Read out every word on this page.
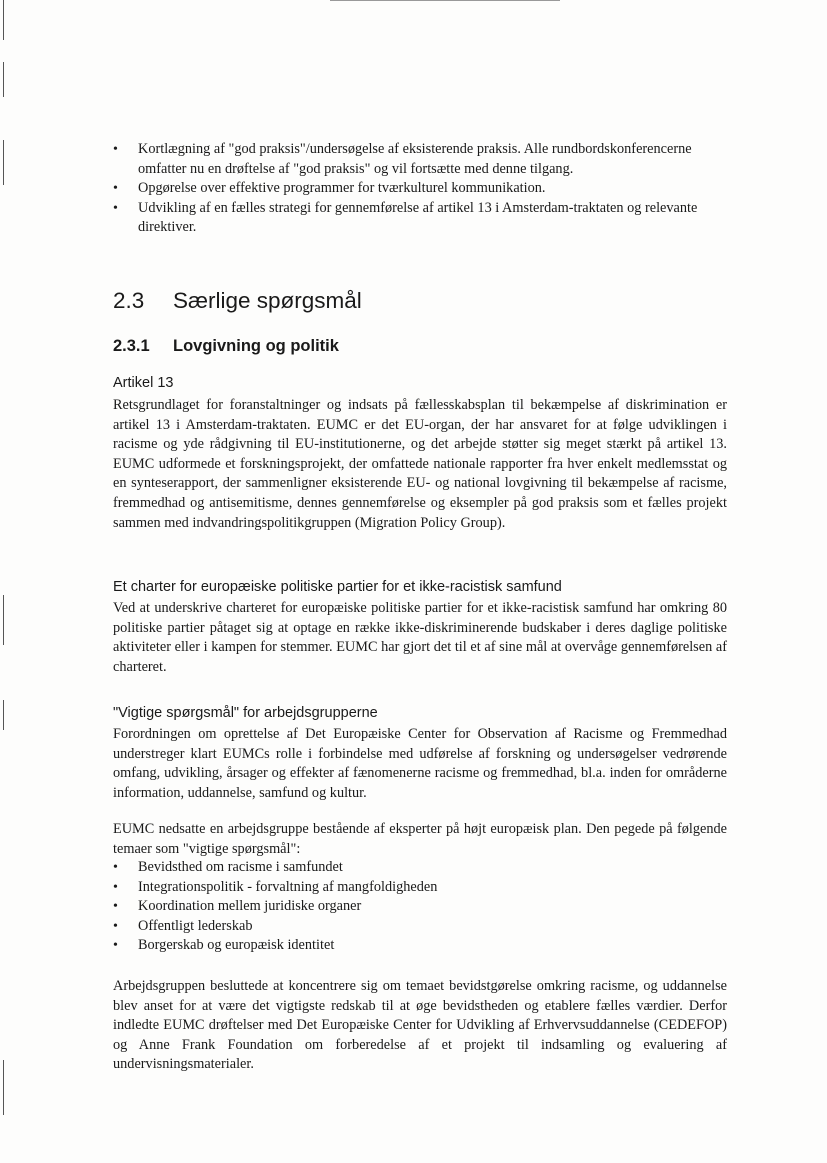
• Kortlægning af "god praksis"/undersøgelse af eksisterende praksis. Alle rundbordskonferencerne omfatter nu en drøftelse af "god praksis" og vil fortsætte med denne tilgang.
• Opgørelse over effektive programmer for tværkulturel kommunikation.
• Udvikling af en fælles strategi for gennemførelse af artikel 13 i Amsterdam-traktaten og relevante direktiver.
2.3 Særlige spørgsmål
2.3.1 Lovgivning og politik

Artikel 13

Retsgrundlaget for foranstaltninger og indsats på fællesskabsplan til bekæmpelse af diskrimination er artikel 13 i Amsterdam-traktaten. EUMC er det EU-organ, der har ansvaret for at følge udviklingen i racisme og yde rådgivning til EU-institutionerne, og det arbejde støtter sig meget stærkt på artikel 13. EUMC udformede et forskningsprojekt, der omfattede nationale rapporter fra hver enkelt medlemsstat og en synteserapport, der sammenligner eksisterende EU- og national lovgivning til bekæmpelse af racisme, fremmedhad og antisemitisme, dennes gennemførelse og eksempler på god praksis som et fælles projekt sammen med indvandringspolitikgruppen (Migration Policy Group).

Et charter for europæiske politiske partier for et ikke-racistisk samfund

Ved at underskrive charteret for europæiske politiske partier for et ikke-racistisk samfund har omkring 80 politiske partier påtaget sig at optage en række ikke-diskriminerende budskaber i deres daglige politiske aktiviteter eller i kampen for stemmer. EUMC har gjort det til et af sine mål at overvåge gennemførelsen af charteret.

"Vigtige spørgsmål" for arbejdsgrupperne

Forordningen om oprettelse af Det Europæiske Center for Observation af Racisme og Fremmedhad understreger klart EUMCs rolle i forbindelse med udførelse af forskning og undersøgelser vedrørende omfang, udvikling, årsager og effekter af fænomenerne racisme og fremmedhad, bl.a. inden for områderne information, uddannelse, samfund og kultur.

EUMC nedsatte en arbejdsgruppe bestående af eksperter på højt europæisk plan. Den pegede på følgende temaer som "vigtige spørgsmål":

• Bevidsthed om racisme i samfundet
• Integrationspolitik - forvaltning af mangfoldigheden
• Koordination mellem juridiske organer
• Offentligt lederskab
• Borgerskab og europæisk identitet

Arbejdsgruppen besluttede at koncentrere sig om temaet bevidstgørelse omkring racisme, og uddannelse blev anset for at være det vigtigste redskab til at øge bevidstheden og etablere fælles værdier. Derfor indledte EUMC drøftelser med Det Europæiske Center for Udvikling af Erhvervsuddannelse (CEDEFOP) og Anne Frank Foundation om forberedelse af et projekt til indsamling og evaluering af undervisningsmaterialer.
